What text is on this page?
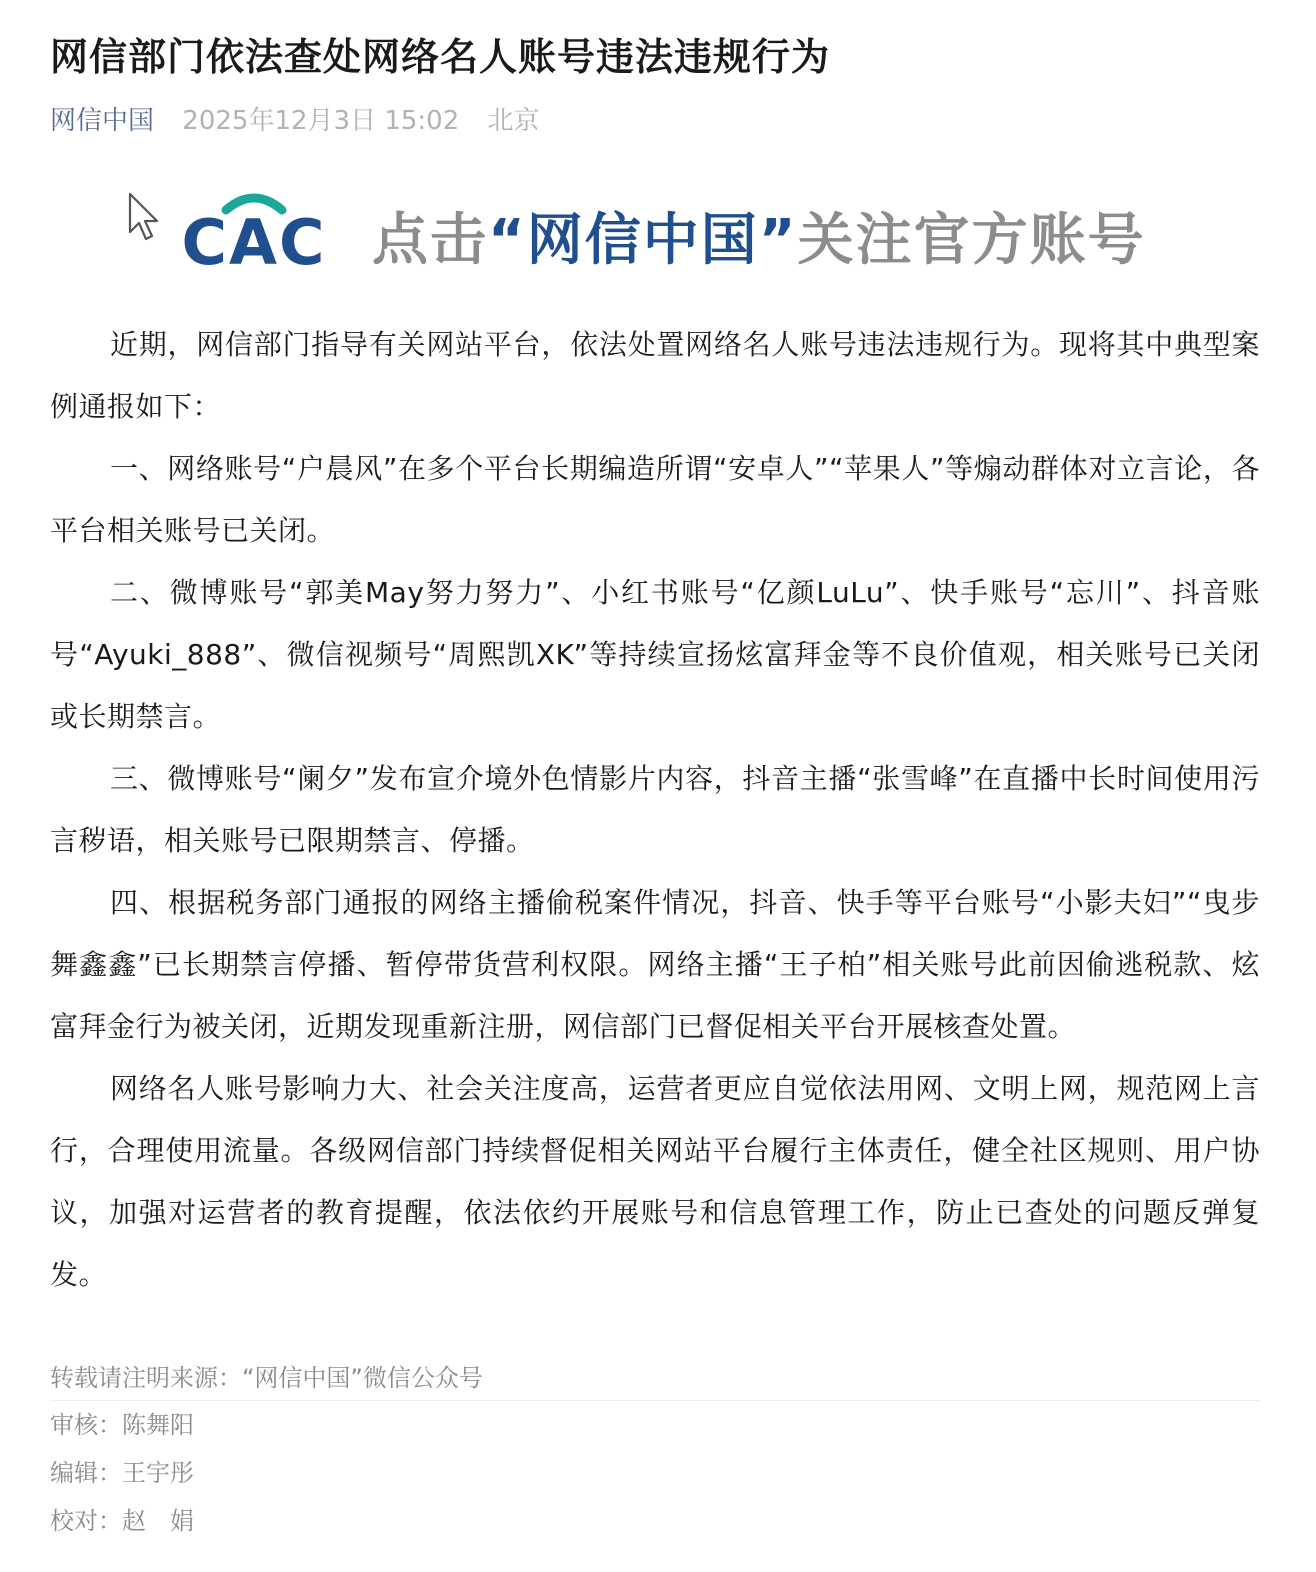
网信部门依法查处网络名人账号违法违规行为
网信中国 2025年12月3日 15:02 北京
CAC 点击“网信中国”关注官方账号

近期，网信部门指导有关网站平台，依法处置网络名人账号违法违规行为。现将其中典型案例通报如下：

一、网络账号“户晨风”在多个平台长期编造所谓“安卓人”“苹果人”等煽动群体对立言论，各平台相关账号已关闭。

二、微博账号“郭美May努力努力”、小红书账号“亿颜LuLu”、快手账号“忘川”、抖音账号“Ayuki_888”、微信视频号“周熙凯XK”等持续宣扬炫富拜金等不良价值观，相关账号已关闭或长期禁言。

三、微博账号“阑夕”发布宣介境外色情影片内容，抖音主播“张雪峰”在直播中长时间使用污言秽语，相关账号已限期禁言、停播。

四、根据税务部门通报的网络主播偷税案件情况，抖音、快手等平台账号“小影夫妇”“曳步舞鑫鑫”已长期禁言停播、暂停带货营利权限。网络主播“王子柏”相关账号此前因偷逃税款、炫富拜金行为被关闭，近期发现重新注册，网信部门已督促相关平台开展核查处置。

网络名人账号影响力大、社会关注度高，运营者更应自觉依法用网、文明上网，规范网上言行，合理使用流量。各级网信部门持续督促相关网站平台履行主体责任，健全社区规则、用户协议，加强对运营者的教育提醒，依法依约开展账号和信息管理工作，防止已查处的问题反弹复发。

转载请注明来源：“网信中国”微信公众号
审核：陈舞阳
编辑：王宇彤
校对：赵　娟
